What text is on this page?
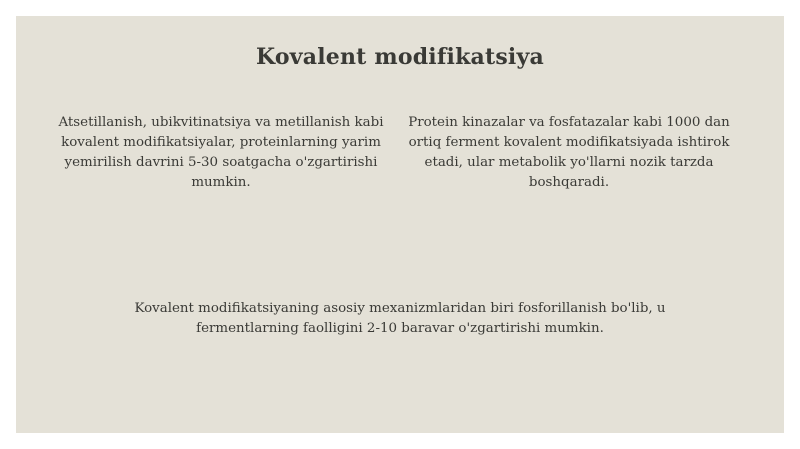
Kovalent modifikatsiya

Atsetillanish, ubikvitinatsiya va metillanish kabi kovalent modifikatsiyalar, proteinlarning yarim yemirilish davrini 5-30 soatgacha o'zgartirishi mumkin.

Protein kinazalar va fosfatazalar kabi 1000 dan ortiq ferment kovalent modifikatsiyada ishtirok etadi, ular metabolik yo'llarni nozik tarzda boshqaradi.

Kovalent modifikatsiyaning asosiy mexanizmlaridan biri fosforillanish bo'lib, u fermentlarning faolligini 2-10 baravar o'zgartirishi mumkin.
